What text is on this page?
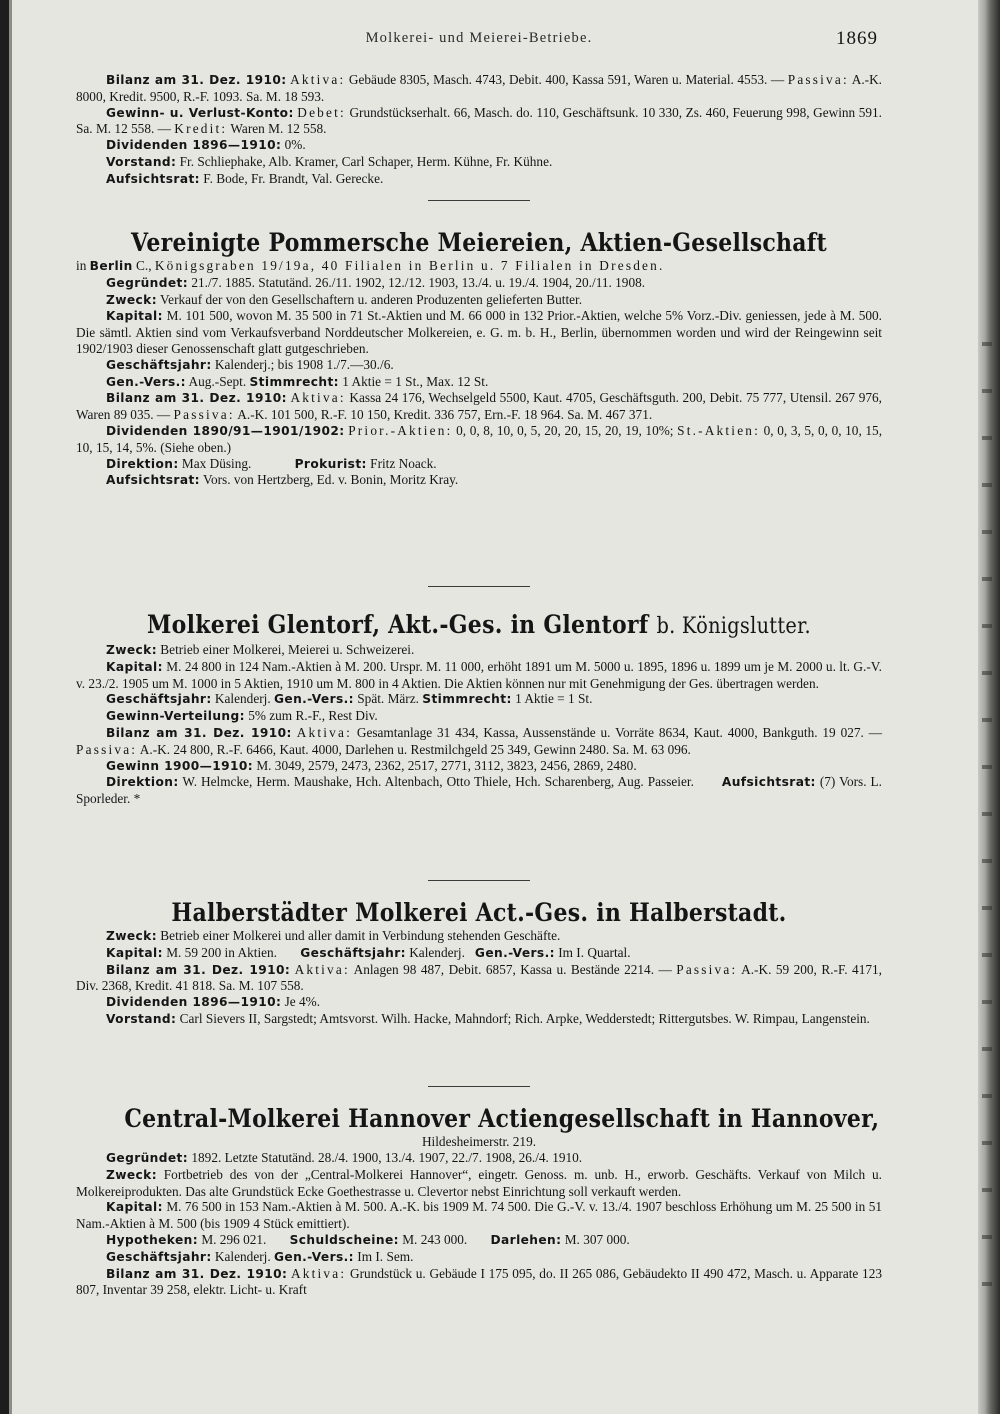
Molkerei- und Meierei-Betriebe.	1869

Bilanz am 31. Dez. 1910: Aktiva: Gebäude 8305, Masch. 4743, Debit. 400, Kassa 591, Waren u. Material. 4553. — Passiva: A.-K. 8000, Kredit. 9500, R.-F. 1093. Sa. M. 18 593.

Gewinn- u. Verlust-Konto: Debet: Grundstückserhalt. 66, Masch. do. 110, Geschäftsunk. 10 330, Zs. 460, Feuerung 998, Gewinn 591. Sa. M. 12 558. — Kredit: Waren M. 12 558.

Dividenden 1896—1910: 0%.

Vorstand: Fr. Schliephake, Alb. Kramer, Carl Schaper, Herm. Kühne, Fr. Kühne.

Aufsichtsrat: F. Bode, Fr. Brandt, Val. Gerecke.

Vereinigte Pommersche Meiereien, Aktien-Gesellschaft

in Berlin C., Königsgraben 19/19a, 40 Filialen in Berlin u. 7 Filialen in Dresden.

Gegründet: 21./7. 1885. Statutänd. 26./11. 1902, 12./12. 1903, 13./4. u. 19./4. 1904, 20./11. 1908.

Zweck: Verkauf der von den Gesellschaftern u. anderen Produzenten gelieferten Butter.

Kapital: M. 101 500, wovon M. 35 500 in 71 St.-Aktien und M. 66 000 in 132 Prior.-Aktien, welche 5% Vorz.-Div. geniessen, jede à M. 500. Die sämtl. Aktien sind vom Verkaufsverband Norddeutscher Molkereien, e. G. m. b. H., Berlin, übernommen worden und wird der Reingewinn seit 1902/1903 dieser Genossenschaft glatt gutgeschrieben.

Geschäftsjahr: Kalenderj.; bis 1908 1./7.—30./6.

Gen.-Vers.: Aug.-Sept. Stimmrecht: 1 Aktie = 1 St., Max. 12 St.

Bilanz am 31. Dez. 1910: Aktiva: Kassa 24 176, Wechselgeld 5500, Kaut. 4705, Geschäftsguth. 200, Debit. 75 777, Utensil. 267 976, Waren 89 035. — Passiva: A.-K. 101 500, R.-F. 10 150, Kredit. 336 757, Ern.-F. 18 964. Sa. M. 467 371.

Dividenden 1890/91—1901/1902: Prior.-Aktien: 0, 0, 8, 10, 0, 5, 20, 20, 15, 20, 19, 10%; St.-Aktien: 0, 0, 3, 5, 0, 0, 10, 15, 10, 15, 14, 5%. (Siehe oben.)

Direktion: Max Düsing.             Prokurist: Fritz Noack.

Aufsichtsrat: Vors. von Hertzberg, Ed. v. Bonin, Moritz Kray.

Molkerei Glentorf, Akt.-Ges. in Glentorf b. Königslutter.

Zweck: Betrieb einer Molkerei, Meierei u. Schweizerei.

Kapital: M. 24 800 in 124 Nam.-Aktien à M. 200. Urspr. M. 11 000, erhöht 1891 um M. 5000 u. 1895, 1896 u. 1899 um je M. 2000 u. lt. G.-V. v. 23./2. 1905 um M. 1000 in 5 Aktien, 1910 um M. 800 in 4 Aktien. Die Aktien können nur mit Genehmigung der Ges. übertragen werden.

Geschäftsjahr: Kalenderj. Gen.-Vers.: Spät. März. Stimmrecht: 1 Aktie = 1 St.

Gewinn-Verteilung: 5% zum R.-F., Rest Div.

Bilanz am 31. Dez. 1910: Aktiva: Gesamtanlage 31 434, Kassa, Aussenstände u. Vorräte 8634, Kaut. 4000, Bankguth. 19 027. — Passiva: A.-K. 24 800, R.-F. 6466, Kaut. 4000, Darlehen u. Restmilchgeld 25 349, Gewinn 2480. Sa. M. 63 096.

Gewinn 1900—1910: M. 3049, 2579, 2473, 2362, 2517, 2771, 3112, 3823, 2456, 2869, 2480.

Direktion: W. Helmcke, Herm. Maushake, Hch. Altenbach, Otto Thiele, Hch. Scharenberg, Aug. Passeier.       Aufsichtsrat: (7) Vors. L. Sporleder. *

Halberstädter Molkerei Act.-Ges. in Halberstadt.

Zweck: Betrieb einer Molkerei und aller damit in Verbindung stehenden Geschäfte.

Kapital: M. 59 200 in Aktien.       Geschäftsjahr: Kalenderj.   Gen.-Vers.: Im I. Quartal.

Bilanz am 31. Dez. 1910: Aktiva: Anlagen 98 487, Debit. 6857, Kassa u. Bestände 2214. — Passiva: A.-K. 59 200, R.-F. 4171, Div. 2368, Kredit. 41 818. Sa. M. 107 558.

Dividenden 1896—1910: Je 4%.

Vorstand: Carl Sievers II, Sargstedt; Amtsvorst. Wilh. Hacke, Mahndorf; Rich. Arpke, Wedderstedt; Rittergutsbes. W. Rimpau, Langenstein.

Central-Molkerei Hannover Actiengesellschaft in Hannover,

Hildesheimerstr. 219.

Gegründet: 1892. Letzte Statutänd. 28./4. 1900, 13./4. 1907, 22./7. 1908, 26./4. 1910.

Zweck: Fortbetrieb des von der „Central-Molkerei Hannover“, eingetr. Genoss. m. unb. H., erworb. Geschäfts. Verkauf von Milch u. Molkereiprodukten. Das alte Grundstück Ecke Goethestrasse u. Clevertor nebst Einrichtung soll verkauft werden.

Kapital: M. 76 500 in 153 Nam.-Aktien à M. 500. A.-K. bis 1909 M. 74 500. Die G.-V. v. 13./4. 1907 beschloss Erhöhung um M. 25 500 in 51 Nam.-Aktien à M. 500 (bis 1909 4 Stück emittiert).

Hypotheken: M. 296 021.       Schuldscheine: M. 243 000.       Darlehen: M. 307 000.

Geschäftsjahr: Kalenderj. Gen.-Vers.: Im I. Sem.

Bilanz am 31. Dez. 1910: Aktiva: Grundstück u. Gebäude I 175 095, do. II 265 086, Gebäudekto II 490 472, Masch. u. Apparate 123 807, Inventar 39 258, elektr. Licht- u. Kraft
